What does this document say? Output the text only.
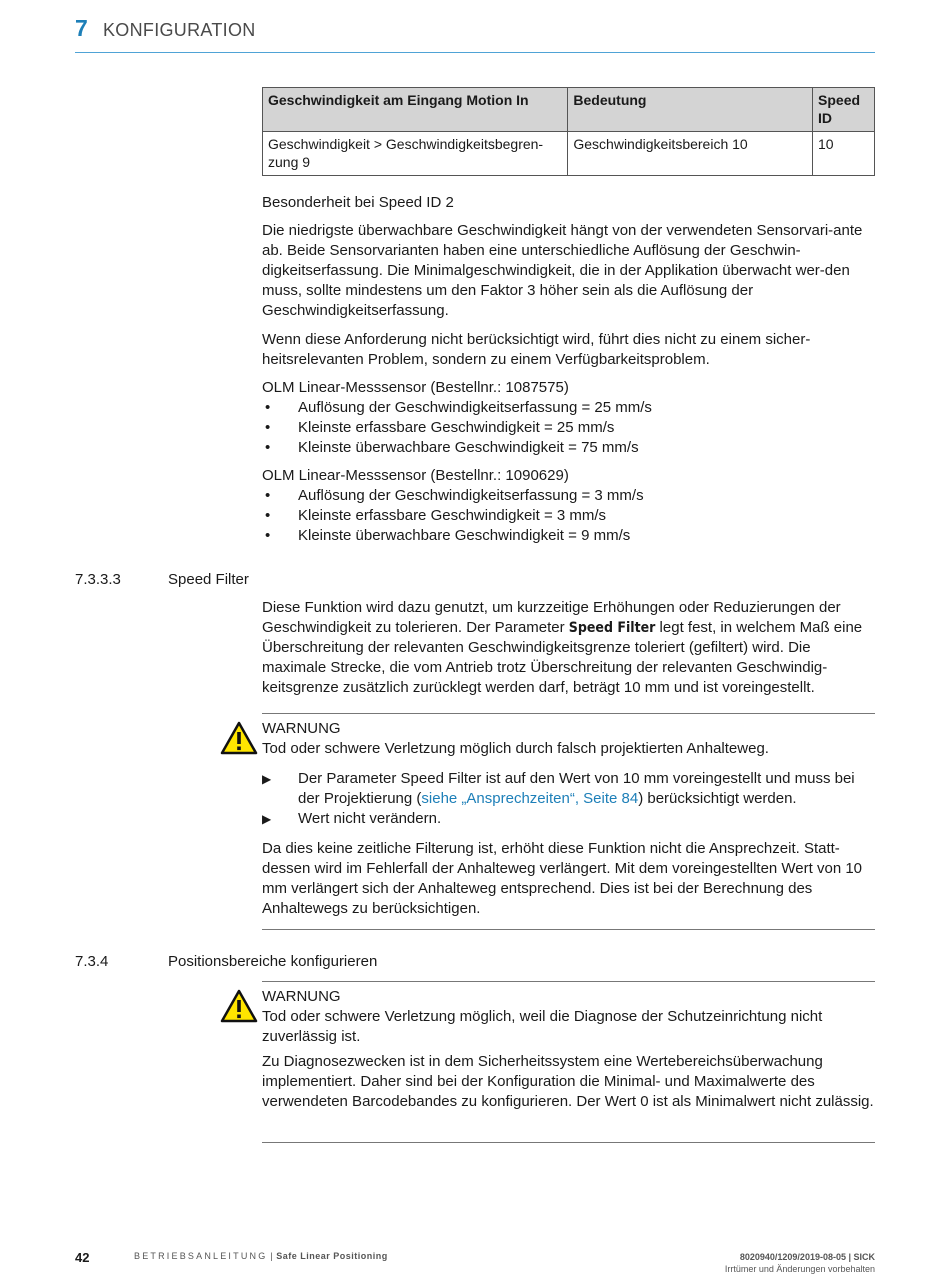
7 KONFIGURATION
Geschwindigkeit am Eingang Motion In	Bedeutung	Speed ID
Geschwindigkeit > Geschwindigkeitsbegren-zung 9	Geschwindigkeitsbereich 10	10
Besonderheit bei Speed ID 2
Die niedrigste überwachbare Geschwindigkeit hängt von der verwendeten Sensorvari-ante ab. Beide Sensorvarianten haben eine unterschiedliche Auflösung der Geschwin-digkeitserfassung. Die Minimalgeschwindigkeit, die in der Applikation überwacht wer-den muss, sollte mindestens um den Faktor 3 höher sein als die Auflösung der Geschwindigkeitserfassung.
Wenn diese Anforderung nicht berücksichtigt wird, führt dies nicht zu einem sicher-heitsrelevanten Problem, sondern zu einem Verfügbarkeitsproblem.
OLM Linear-Messsensor (Bestellnr.: 1087575)
• Auflösung der Geschwindigkeitserfassung = 25 mm/s
• Kleinste erfassbare Geschwindigkeit = 25 mm/s
• Kleinste überwachbare Geschwindigkeit = 75 mm/s
OLM Linear-Messsensor (Bestellnr.: 1090629)
• Auflösung der Geschwindigkeitserfassung = 3 mm/s
• Kleinste erfassbare Geschwindigkeit = 3 mm/s
• Kleinste überwachbare Geschwindigkeit = 9 mm/s
7.3.3.3	Speed Filter
Diese Funktion wird dazu genutzt, um kurzzeitige Erhöhungen oder Reduzierungen der Geschwindigkeit zu tolerieren. Der Parameter Speed Filter legt fest, in welchem Maß eine Überschreitung der relevanten Geschwindigkeitsgrenze toleriert (gefiltert) wird. Die maximale Strecke, die vom Antrieb trotz Überschreitung der relevanten Geschwindig-keitsgrenze zusätzlich zurücklegt werden darf, beträgt 10 mm und ist voreingestellt.
WARNUNG
Tod oder schwere Verletzung möglich durch falsch projektierten Anhalteweg.
▶ Der Parameter Speed Filter ist auf den Wert von 10 mm voreingestellt und muss bei der Projektierung (siehe „Ansprechzeiten“, Seite 84) berücksichtigt werden.
▶ Wert nicht verändern.
Da dies keine zeitliche Filterung ist, erhöht diese Funktion nicht die Ansprechzeit. Statt-dessen wird im Fehlerfall der Anhalteweg verlängert. Mit dem voreingestellten Wert von 10 mm verlängert sich der Anhalteweg entsprechend. Dies ist bei der Berechnung des Anhaltewegs zu berücksichtigen.
7.3.4	Positionsbereiche konfigurieren
WARNUNG
Tod oder schwere Verletzung möglich, weil die Diagnose der Schutzeinrichtung nicht zuverlässig ist.
Zu Diagnosezwecken ist in dem Sicherheitssystem eine Wertebereichsüberwachung implementiert. Daher sind bei der Konfiguration die Minimal- und Maximalwerte des verwendeten Barcodebandes zu konfigurieren. Der Wert 0 ist als Minimalwert nicht zulässig.
42	BETRIEBSANLEITUNG | Safe Linear Positioning	8020940/1209/2019-08-05 | SICK
Irrtümer und Änderungen vorbehalten
